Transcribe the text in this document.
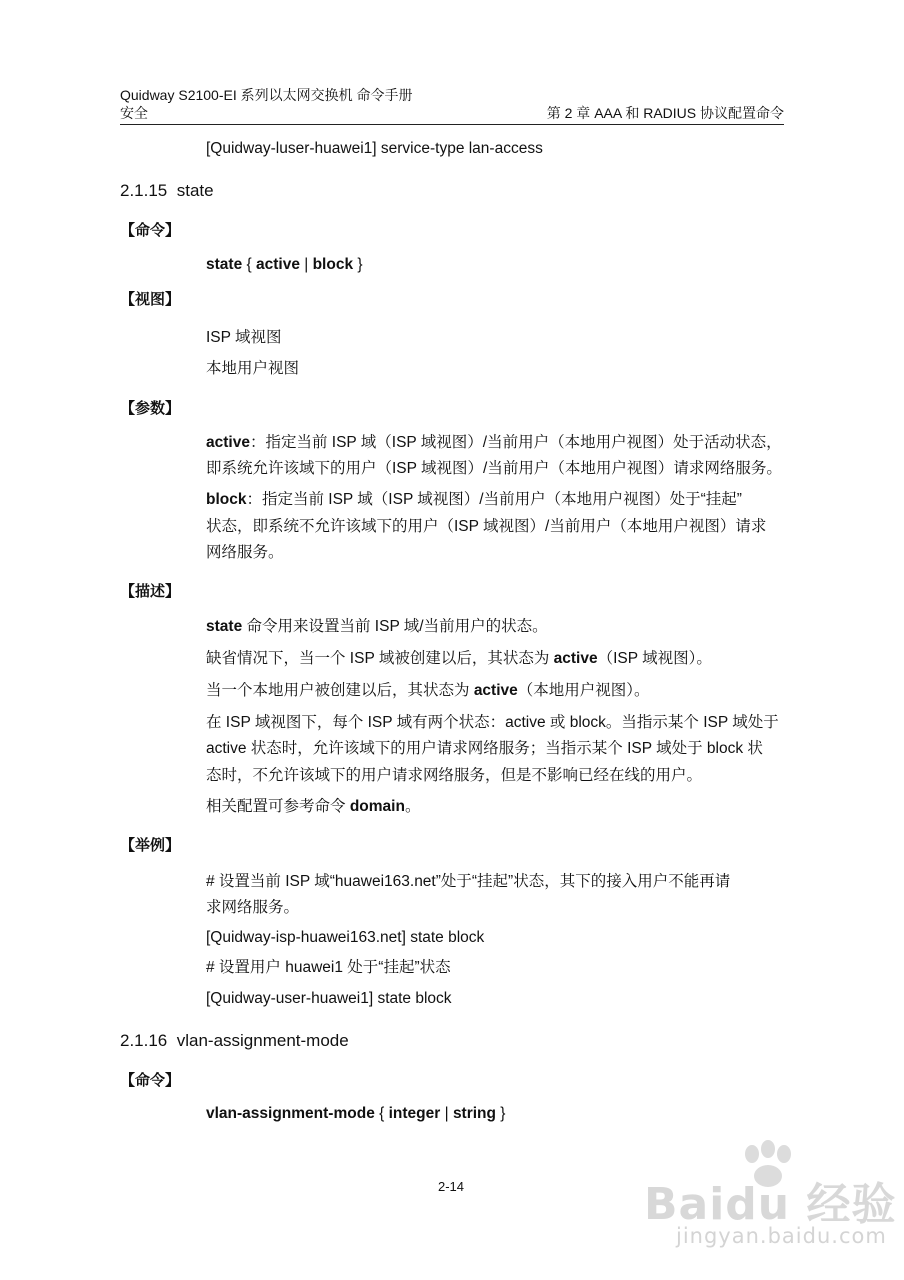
Quidway S2100-EI 系列以太网交换机 命令手册
安全	第 2 章 AAA 和 RADIUS 协议配置命令
[Quidway-luser-huawei1] service-type lan-access
2.1.15 state
【命令】
state { active | block }
【视图】
ISP 域视图
本地用户视图
【参数】
active：指定当前 ISP 域（ISP 域视图）/当前用户（本地用户视图）处于活动状态，
即系统允许该域下的用户（ISP 域视图）/当前用户（本地用户视图）请求网络服务。
block：指定当前 ISP 域（ISP 域视图）/当前用户（本地用户视图）处于“挂起”
状态，即系统不允许该域下的用户（ISP 域视图）/当前用户（本地用户视图）请求
网络服务。
【描述】
state 命令用来设置当前 ISP 域/当前用户的状态。
缺省情况下，当一个 ISP 域被创建以后，其状态为 active（ISP 域视图）。
当一个本地用户被创建以后，其状态为 active（本地用户视图）。
在 ISP 域视图下，每个 ISP 域有两个状态：active 或 block。当指示某个 ISP 域处于
active 状态时，允许该域下的用户请求网络服务；当指示某个 ISP 域处于 block 状
态时，不允许该域下的用户请求网络服务，但是不影响已经在线的用户。
相关配置可参考命令 domain。
【举例】
# 设置当前 ISP 域“huawei163.net”处于“挂起”状态，其下的接入用户不能再请
求网络服务。
[Quidway-isp-huawei163.net] state block
# 设置用户 huawei1 处于“挂起”状态
[Quidway-user-huawei1] state block
2.1.16 vlan-assignment-mode
【命令】
vlan-assignment-mode { integer | string }
2-14	Baidu 经验
jingyan.baidu.com
